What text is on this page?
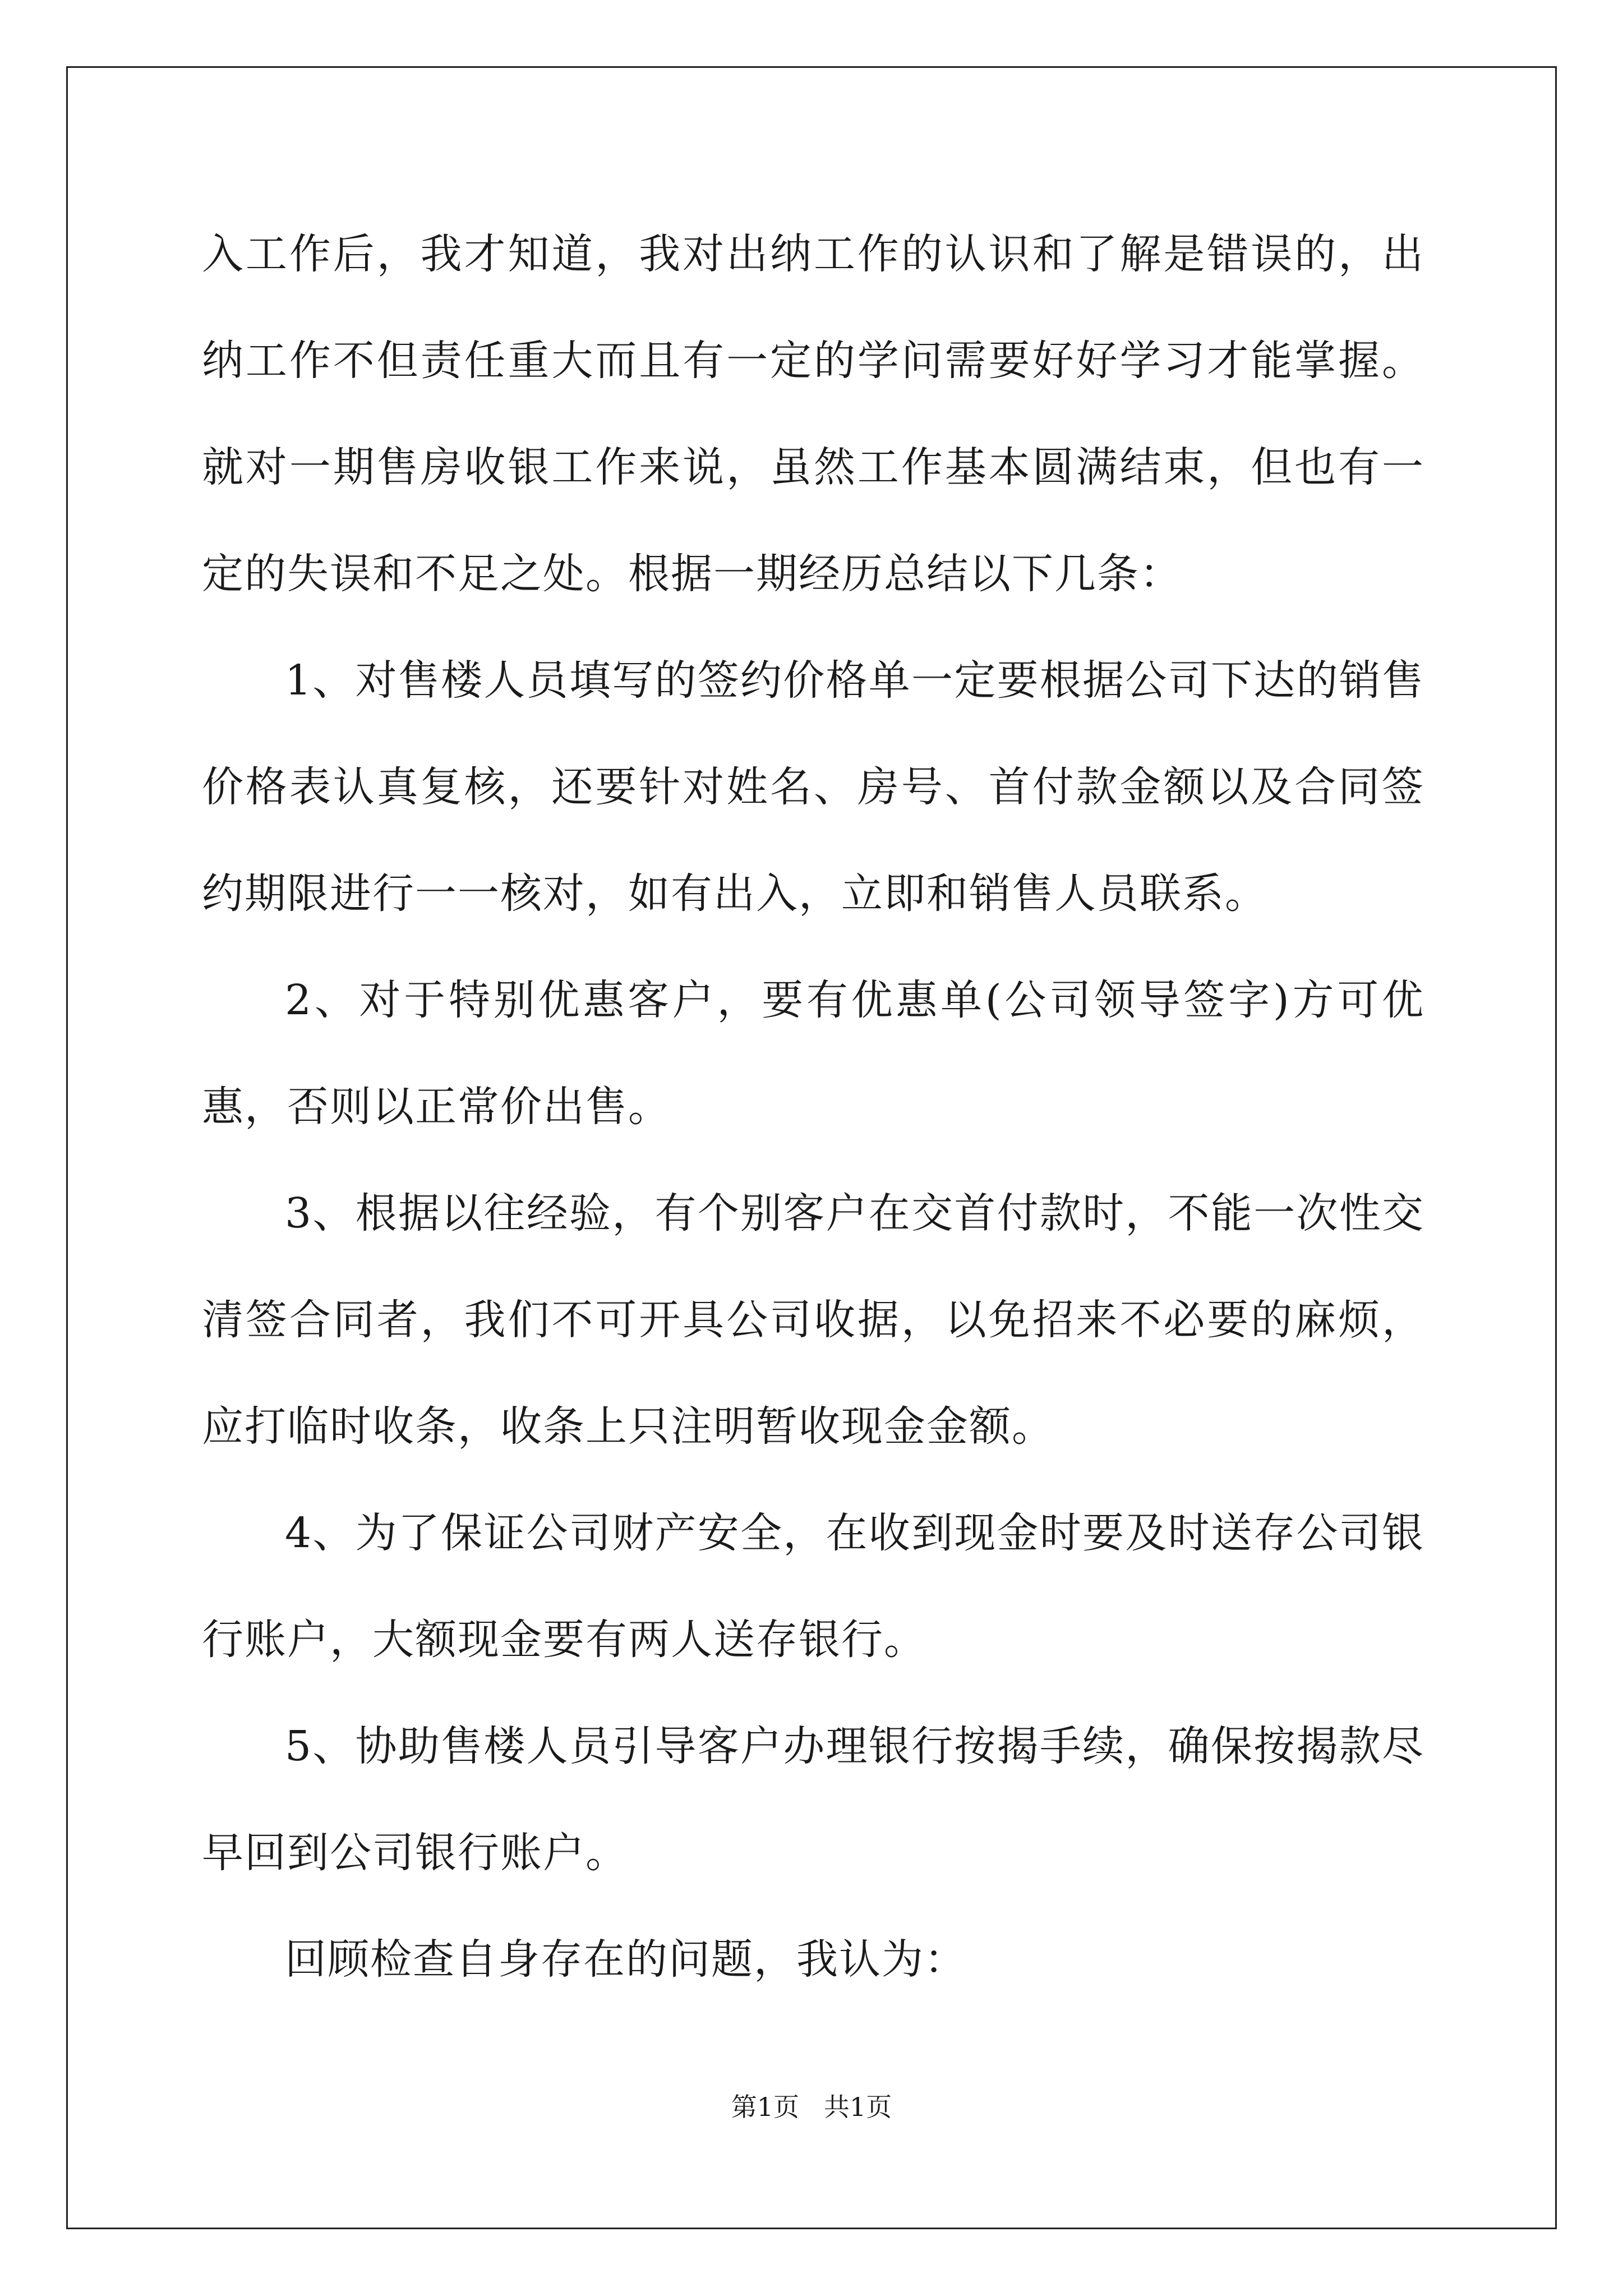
入工作后，我才知道，我对出纳工作的认识和了解是错误的，出纳工作不但责任重大而且有一定的学问需要好好学习才能掌握。就对一期售房收银工作来说，虽然工作基本圆满结束，但也有一定的失误和不足之处。根据一期经历总结以下几条：

1、对售楼人员填写的签约价格单一定要根据公司下达的销售价格表认真复核，还要针对姓名、房号、首付款金额以及合同签约期限进行一一核对，如有出入，立即和销售人员联系。

2、对于特别优惠客户，要有优惠单(公司领导签字)方可优惠，否则以正常价出售。

3、根据以往经验，有个别客户在交首付款时，不能一次性交清签合同者，我们不可开具公司收据，以免招来不必要的麻烦，应打临时收条，收条上只注明暂收现金金额。

4、为了保证公司财产安全，在收到现金时要及时送存公司银行账户，大额现金要有两人送存银行。

5、协助售楼人员引导客户办理银行按揭手续，确保按揭款尽早回到公司银行账户。

回顾检查自身存在的问题，我认为：

第1页   共1页
